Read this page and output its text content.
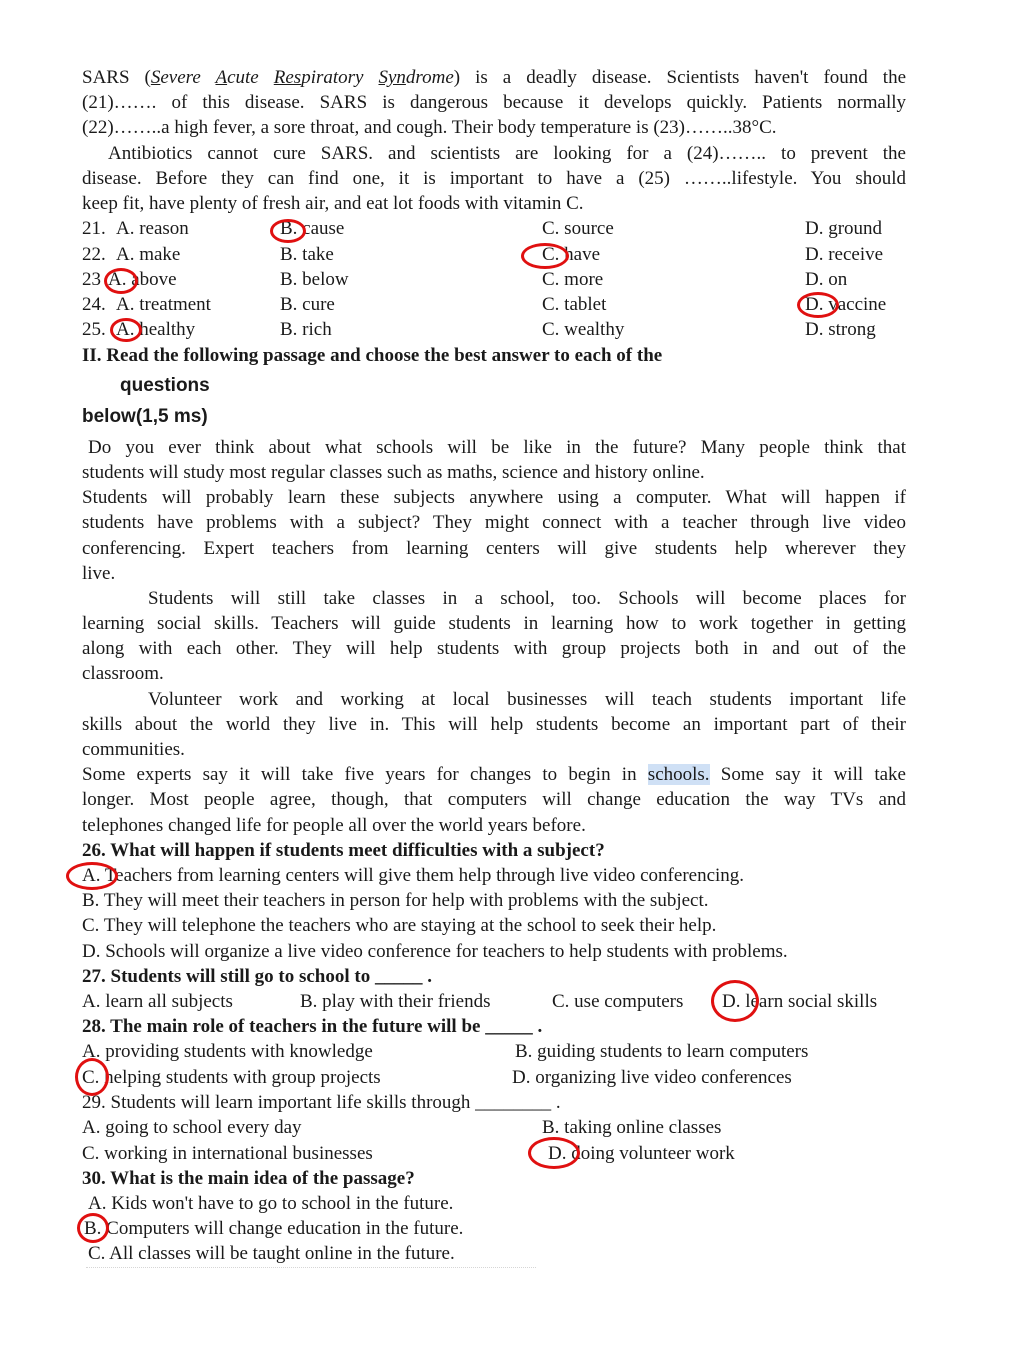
SARS (Severe Acute Respiratory Syndrome) is a deadly disease. Scientists haven't found the
(21)……. of this disease. SARS is dangerous because it develops quickly. Patients normally
(22)……..a high fever, a sore throat, and cough. Their body temperature is (23)……..38°C.
Antibiotics cannot cure SARS. and scientists are looking for a (24)…….. to prevent the
disease. Before they can find one, it is important to have a (25) ……..lifestyle. You should
keep fit, have plenty of fresh air, and eat lot foods with vitamin C.
21. A. reason	B. cause	C. source	D. ground
22. A. make	B. take	C. have	D. receive
23 A. above	B. below	C. more	D. on
24. A. treatment	B. cure	C. tablet	D. vaccine
25. A. healthy	B. rich	C. wealthy	D. strong
II. Read the following passage and choose the best answer to each of the
questions
below(1,5 ms)
Do you ever think about what schools will be like in the future? Many people think that
students will study most regular classes such as maths, science and history online.
Students will probably learn these subjects anywhere using a computer. What will happen if
students have problems with a subject? They might connect with a teacher through live video
conferencing. Expert teachers from learning centers will give students help wherever they
live.
Students will still take classes in a school, too. Schools will become places for
learning social skills. Teachers will guide students in learning how to work together in getting
along with each other. They will help students with group projects both in and out of the
classroom.
Volunteer work and working at local businesses will teach students important life
skills about the world they live in. This will help students become an important part of their
communities.
Some experts say it will take five years for changes to begin in schools. Some say it will take
longer. Most people agree, though, that computers will change education the way TVs and
telephones changed life for people all over the world years before.
26. What will happen if students meet difficulties with a subject?
A. Teachers from learning centers will give them help through live video conferencing.
B. They will meet their teachers in person for help with problems with the subject.
C. They will telephone the teachers who are staying at the school to seek their help.
D. Schools will organize a live video conference for teachers to help students with problems.
27. Students will still go to school to _____ .
A. learn all subjects	B. play with their friends	C. use computers D. learn social skills
28. The main role of teachers in the future will be _____ .
A. providing students with knowledge	B. guiding students to learn computers
C. helping students with group projects	D. organizing live video conferences
29. Students will learn important life skills through ________ .
A. going to school every day	B. taking online classes
C. working in international businesses	D. doing volunteer work
30. What is the main idea of the passage?
A. Kids won't have to go to school in the future.
B. Computers will change education in the future.
C. All classes will be taught online in the future.
